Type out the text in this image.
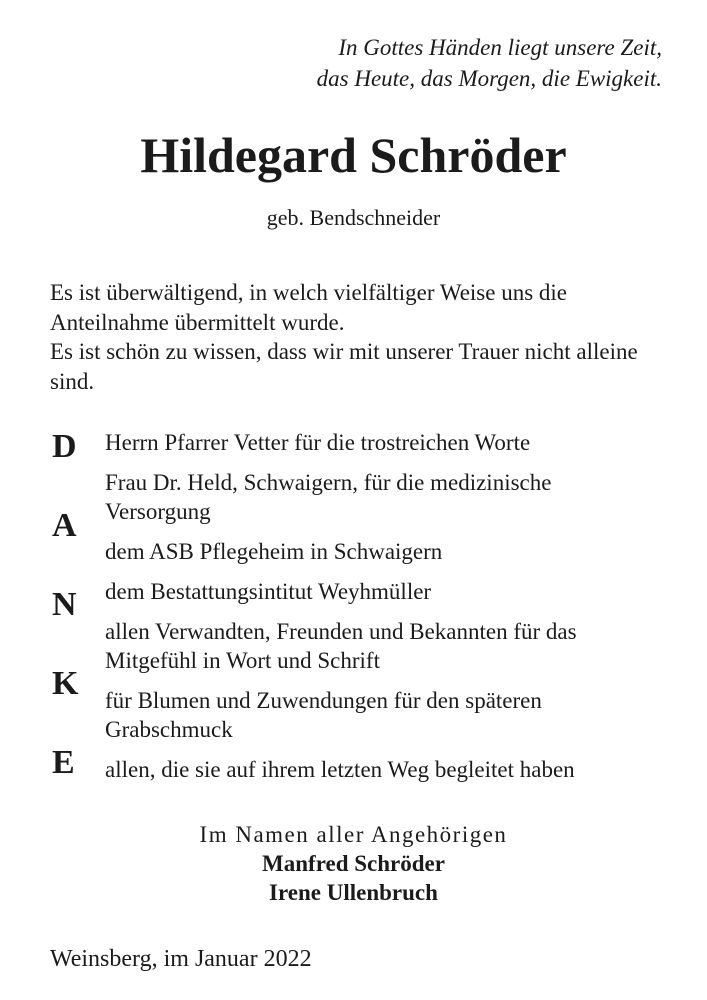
In Gottes Händen liegt unsere Zeit,
das Heute, das Morgen, die Ewigkeit.
Hildegard Schröder
geb. Bendschneider

Es ist überwältigend, in welch vielfältiger Weise uns die Anteilnahme übermittelt wurde.

Es ist schön zu wissen, dass wir mit unserer Trauer nicht alleine sind.

D
A
N
K
E
Herrn Pfarrer Vetter für die trostreichen Worte
Frau Dr. Held, Schwaigern, für die medizinische Versorgung
dem ASB Pflegeheim in Schwaigern
dem Bestattungsintitut Weyhmüller
allen Verwandten, Freunden und Bekannten für das Mitgefühl in Wort und Schrift
für Blumen und Zuwendungen für den späteren Grabschmuck
allen, die sie auf ihrem letzten Weg begleitet haben
Im Namen aller Angehörigen
Manfred Schröder
Irene Ullenbruch
Weinsberg, im Januar 2022
